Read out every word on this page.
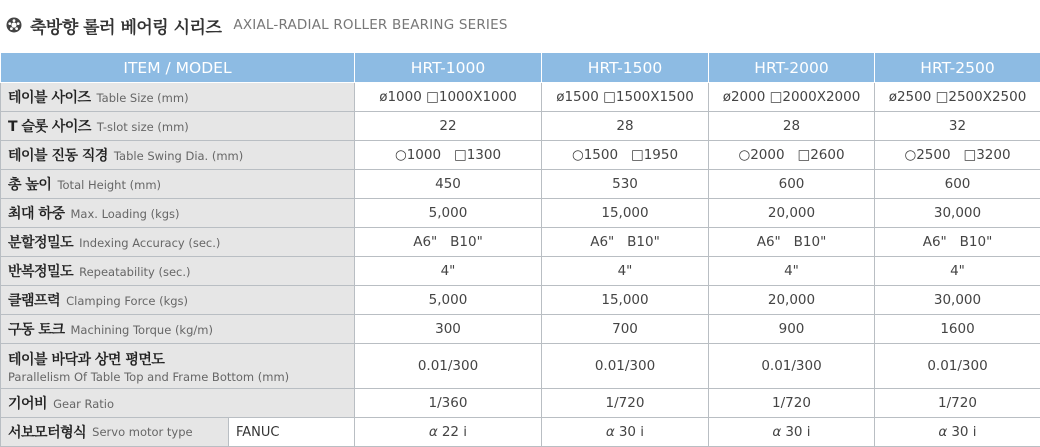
축방향 롤러 베어링 시리즈 AXIAL-RADIAL ROLLER BEARING SERIES
ITEM / MODEL	HRT-1000	HRT-1500	HRT-2000	HRT-2500
테이블 사이즈 Table Size (mm)	ø1000 □1000X1000	ø1500 □1500X1500	ø2000 □2000X2000	ø2500 □2500X2500
T 슬롯 사이즈 T-slot size (mm)	22	28	28	32
테이블 진동 직경 Table Swing Dia. (mm)	○1000   □1300	○1500   □1950	○2000   □2600	○2500   □3200
총 높이 Total Height (mm)	450	530	600	600
최대 하중 Max. Loading (kgs)	5,000	15,000	20,000	30,000
분할정밀도 Indexing Accuracy (sec.)	A6"   B10"	A6"   B10"	A6"   B10"	A6"   B10"
반복정밀도 Repeatability (sec.)	4"	4"	4"	4"
클램프력 Clamping Force (kgs)	5,000	15,000	20,000	30,000
구동 토크 Machining Torque (kg/m)	300	700	900	1600
테이블 바닥과 상면 평면도
Parallelism Of Table Top and Frame Bottom (mm)	0.01/300	0.01/300	0.01/300	0.01/300
기어비 Gear Ratio	1/360	1/720	1/720	1/720

서보모터형식 Servo motor type FANUC	α 22 i	α 30 i	α 30 i	α 30 i
